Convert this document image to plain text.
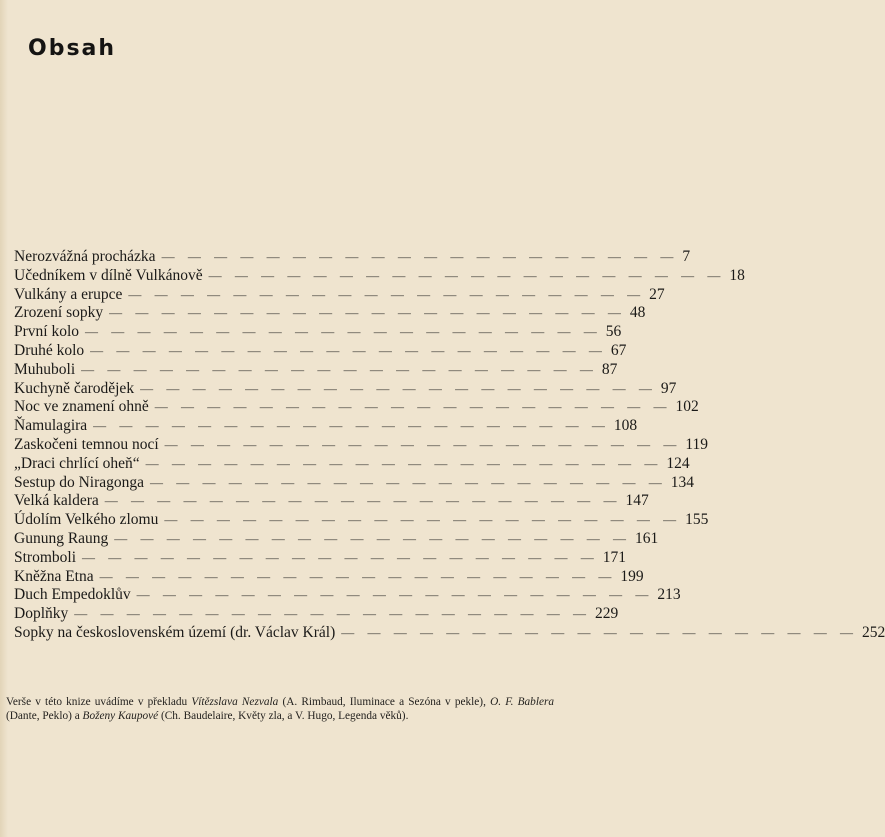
Obsah
Nerozvážná procházka — — — — — — — — — — — — — — — — — — — — 7
Učedníkem v dílně Vulkánově — — — — — — — — — — — — — — — — — — — — 18
Vulkány a erupce — — — — — — — — — — — — — — — — — — — — 27
Zrození sopky — — — — — — — — — — — — — — — — — — — — 48
První kolo — — — — — — — — — — — — — — — — — — — — 56
Druhé kolo — — — — — — — — — — — — — — — — — — — — 67
Muhuboli — — — — — — — — — — — — — — — — — — — — 87
Kuchyně čarodějek — — — — — — — — — — — — — — — — — — — — 97
Noc ve znamení ohně — — — — — — — — — — — — — — — — — — — — 102
Ňamulagira — — — — — — — — — — — — — — — — — — — — 108
Zaskočeni temnou nocí — — — — — — — — — — — — — — — — — — — — 119
„Draci chrlící oheň“ — — — — — — — — — — — — — — — — — — — — 124
Sestup do Niragonga — — — — — — — — — — — — — — — — — — — — 134
Velká kaldera — — — — — — — — — — — — — — — — — — — — 147
Údolím Velkého zlomu — — — — — — — — — — — — — — — — — — — — 155
Gunung Raung — — — — — — — — — — — — — — — — — — — — 161
Stromboli — — — — — — — — — — — — — — — — — — — — 171
Kněžna Etna — — — — — — — — — — — — — — — — — — — — 199
Duch Empedoklův — — — — — — — — — — — — — — — — — — — — 213
Doplňky — — — — — — — — — — — — — — — — — — — — 229
Sopky na československém území (dr. Václav Král) — — — — — — — — — — — — — — — — — — — — 252

Verše v této knize uvádíme v překladu Vítězslava Nezvala (A. Rimbaud, Iluminace a Sezóna v pekle), O. F. Bablera (Dante, Peklo) a Boženy Kaupové (Ch. Baudelaire, Květy zla, a V. Hugo, Legenda věků).
